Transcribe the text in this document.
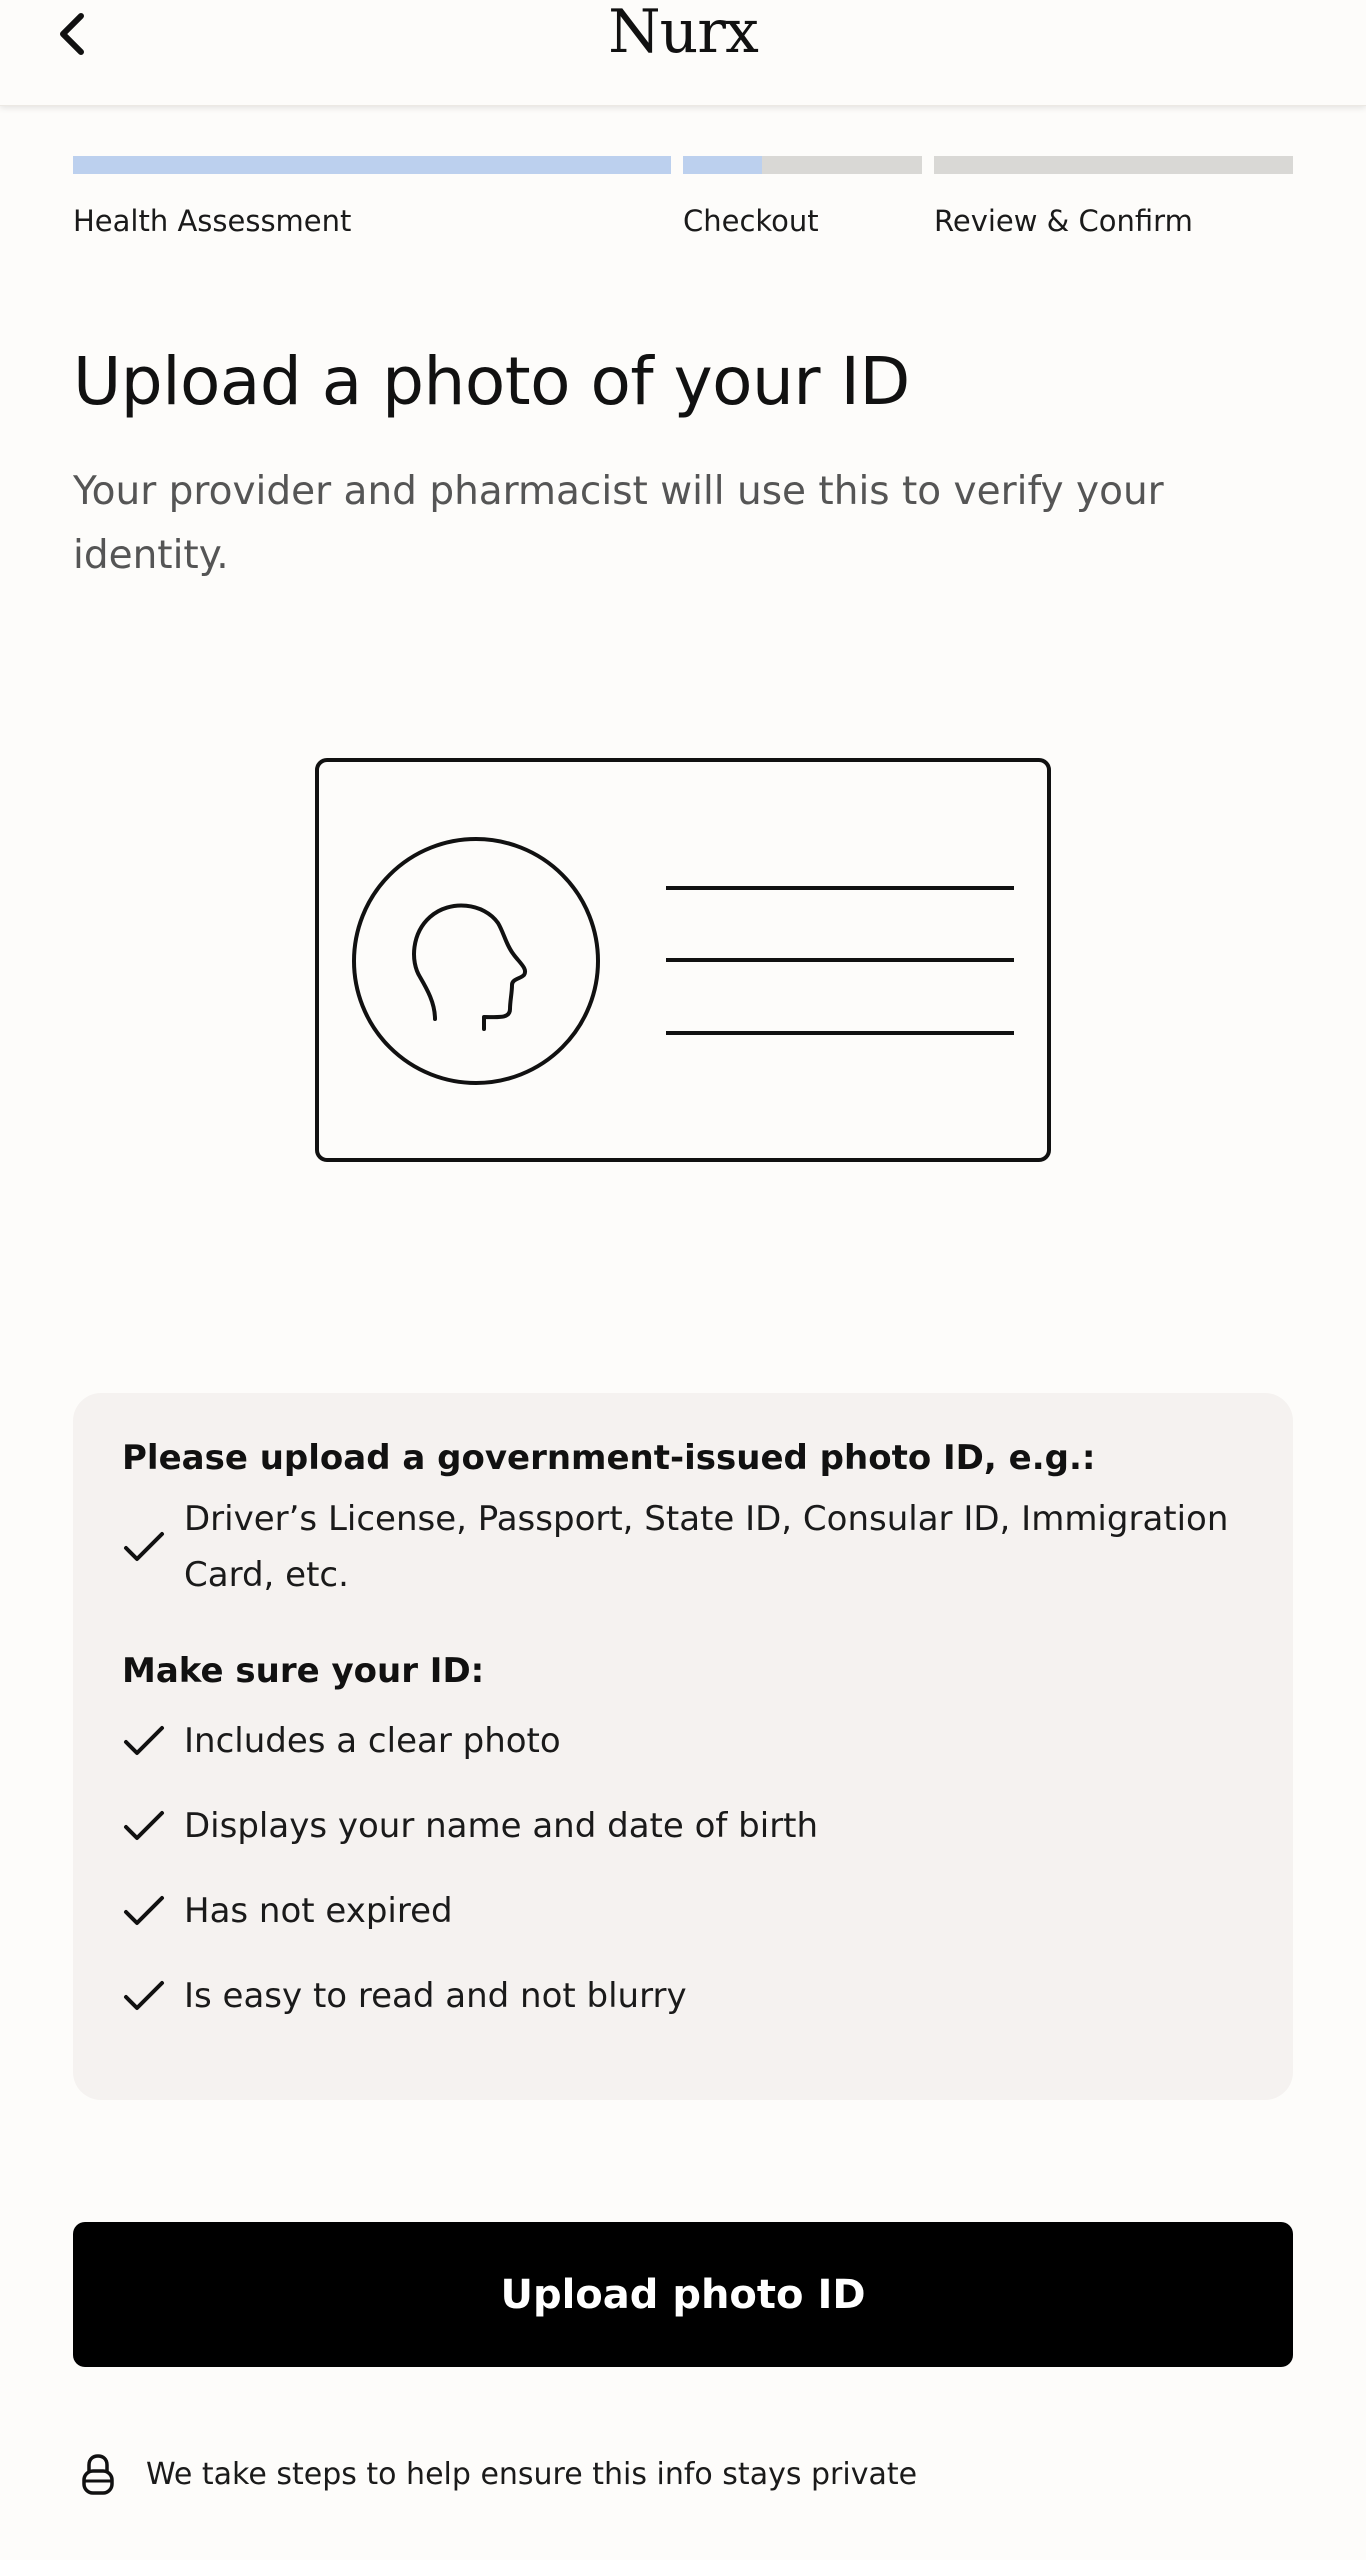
Nurx
Health Assessment	Checkout	Review & Confirm
Upload a photo of your ID

Your provider and pharmacist will use this to verify your identity.

Please upload a government-issued photo ID, e.g.:
Driver’s License, Passport, State ID, Consular ID, Immigration Card, etc.
Make sure your ID:
Includes a clear photo
Displays your name and date of birth
Has not expired
Is easy to read and not blurry
Upload photo ID
We take steps to help ensure this info stays private
